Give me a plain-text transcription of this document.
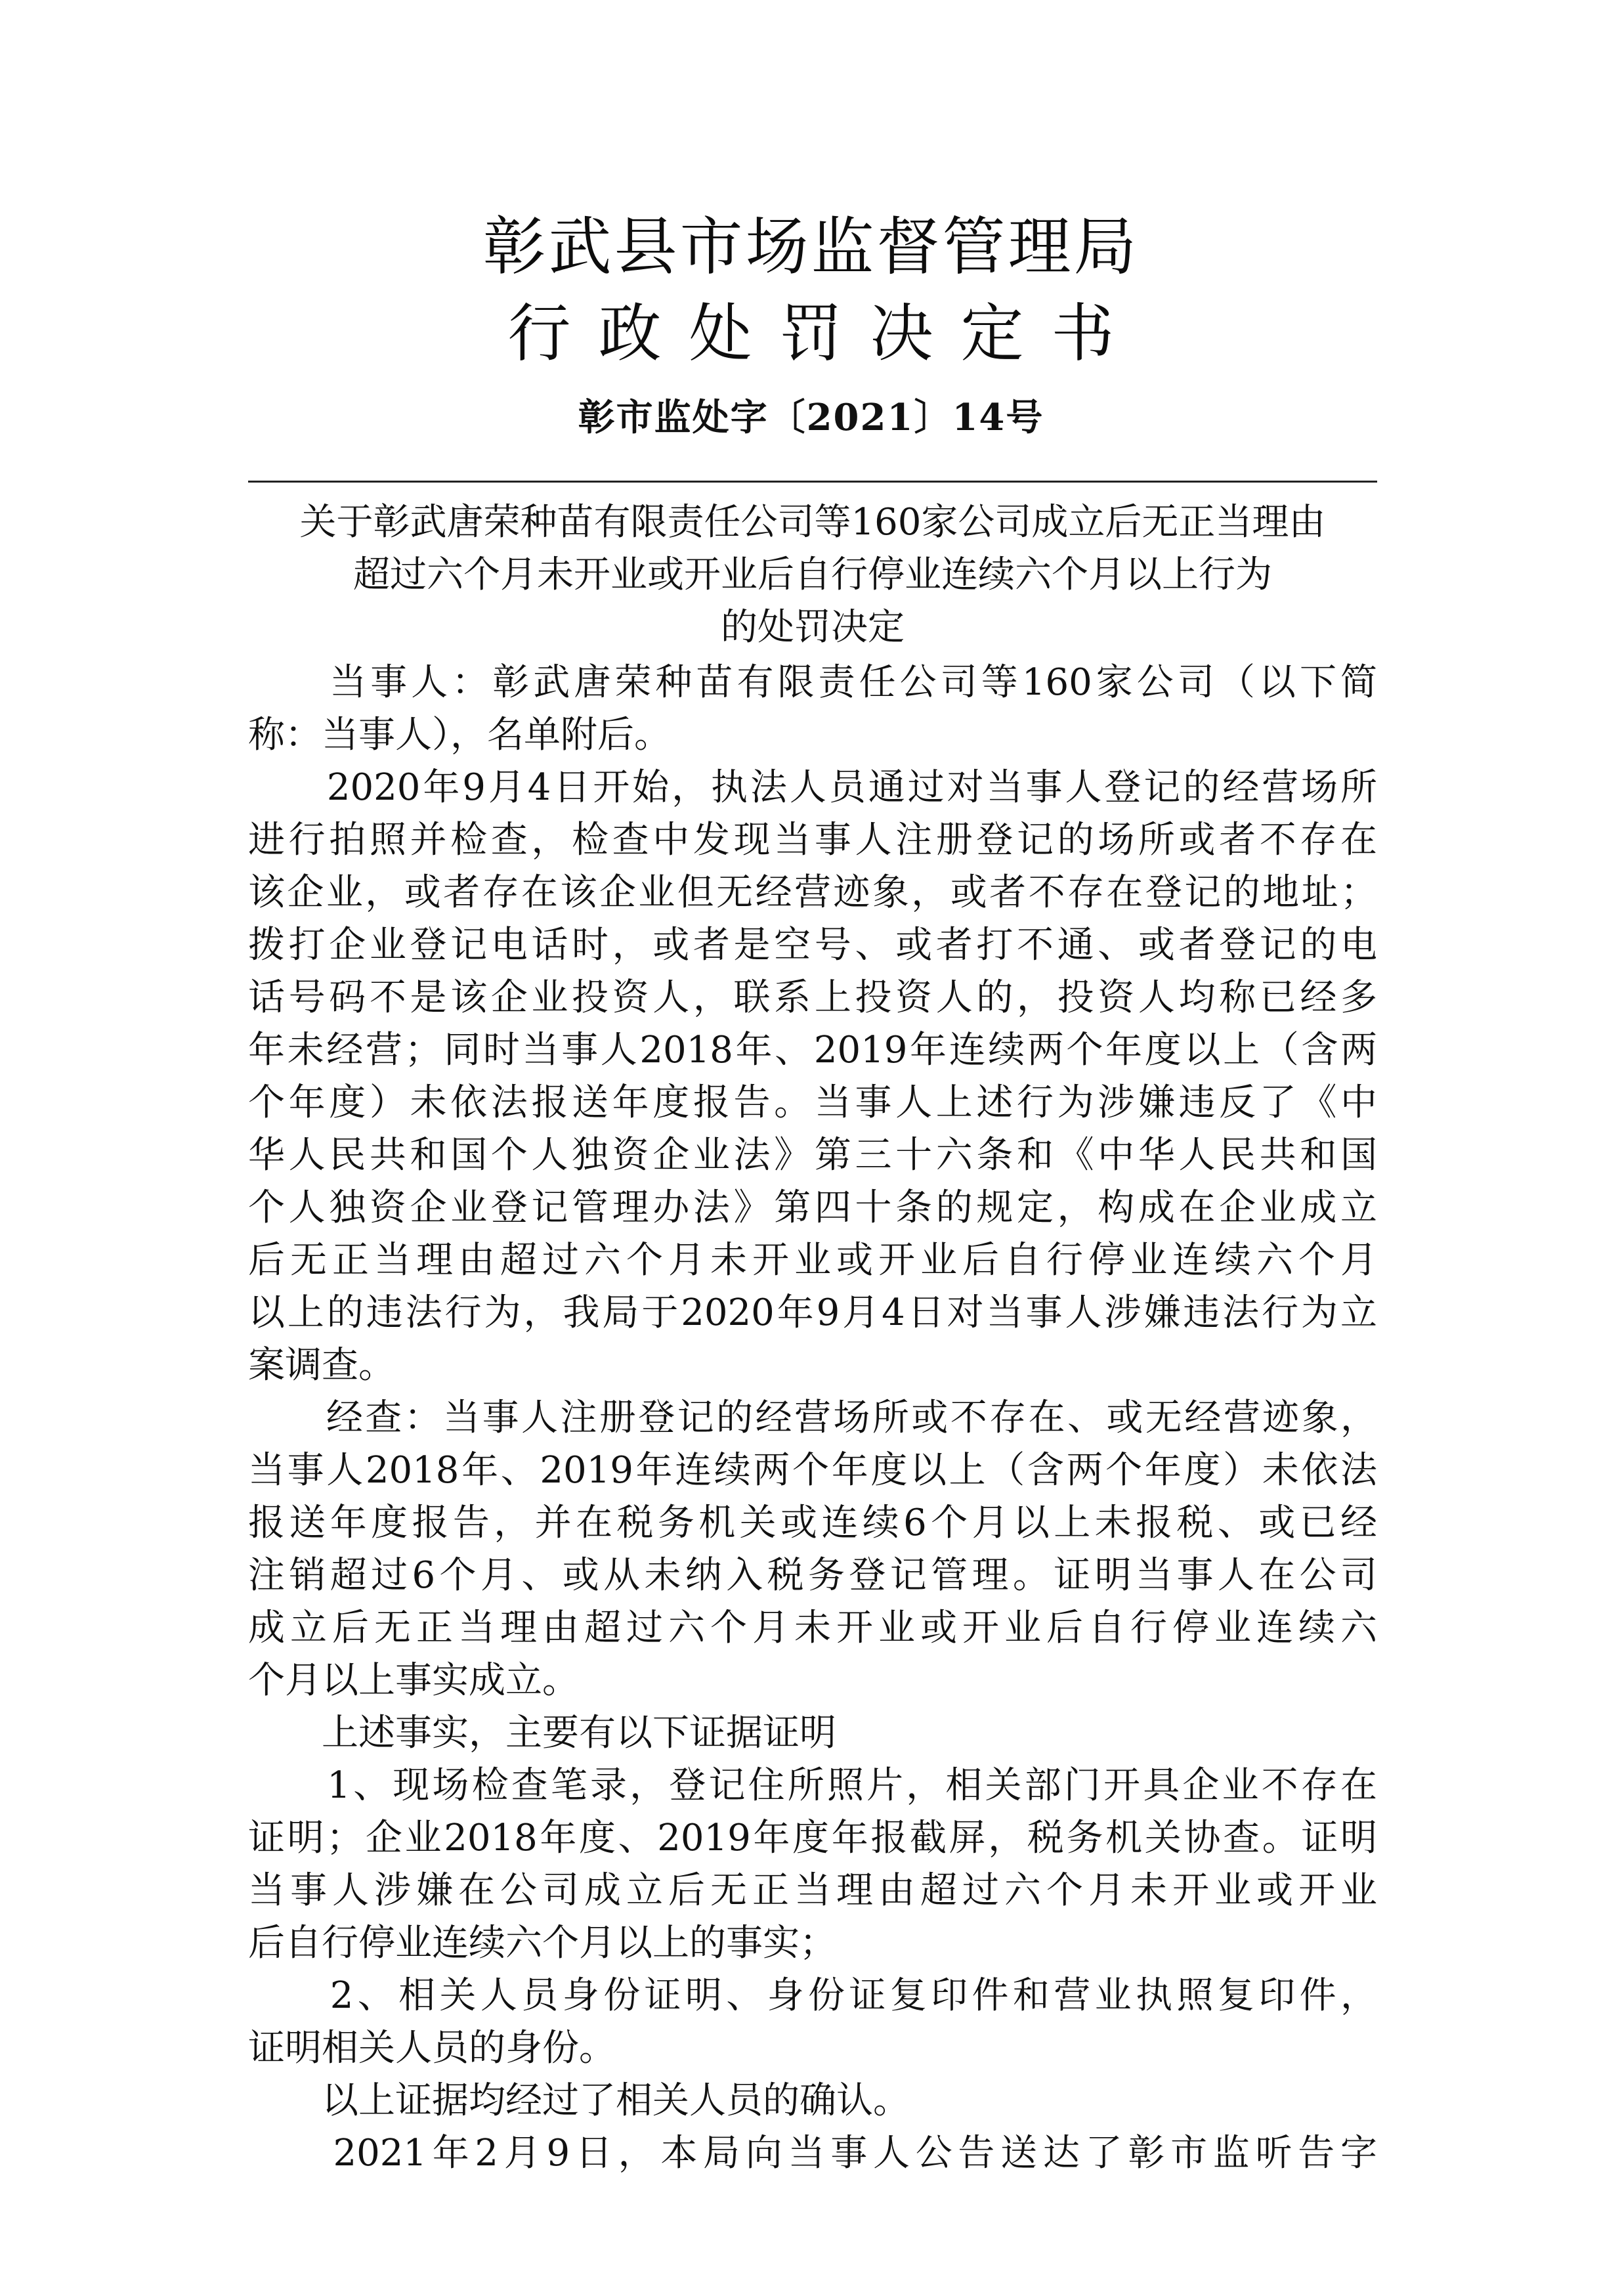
彰武县市场监督管理局
行政处罚决定书
彰市监处字〔2021〕14号
关于彰武唐荣种苗有限责任公司等160家公司成立后无正当理由
超过六个月未开业或开业后自行停业连续六个月以上行为
的处罚决定
　　当事人：彰武唐荣种苗有限责任公司等160家公司（以下简
称：当事人），名单附后。
　　2020年9月4日开始，执法人员通过对当事人登记的经营场所
进行拍照并检查，检查中发现当事人注册登记的场所或者不存在
该企业，或者存在该企业但无经营迹象，或者不存在登记的地址；
拨打企业登记电话时，或者是空号、或者打不通、或者登记的电
话号码不是该企业投资人，联系上投资人的，投资人均称已经多
年未经营；同时当事人2018年、2019年连续两个年度以上（含两
个年度）未依法报送年度报告。当事人上述行为涉嫌违反了《中
华人民共和国个人独资企业法》第三十六条和《中华人民共和国
个人独资企业登记管理办法》第四十条的规定，构成在企业成立
后无正当理由超过六个月未开业或开业后自行停业连续六个月
以上的违法行为，我局于2020年9月4日对当事人涉嫌违法行为立
案调查。
　　经查：当事人注册登记的经营场所或不存在、或无经营迹象，
当事人2018年、2019年连续两个年度以上（含两个年度）未依法
报送年度报告，并在税务机关或连续6个月以上未报税、或已经
注销超过6个月、或从未纳入税务登记管理。证明当事人在公司
成立后无正当理由超过六个月未开业或开业后自行停业连续六
个月以上事实成立。
　　上述事实，主要有以下证据证明
　　1、现场检查笔录，登记住所照片，相关部门开具企业不存在
证明；企业2018年度、2019年度年报截屏，税务机关协查。证明
当事人涉嫌在公司成立后无正当理由超过六个月未开业或开业
后自行停业连续六个月以上的事实；
　　2、相关人员身份证明、身份证复印件和营业执照复印件，
证明相关人员的身份。
　　以上证据均经过了相关人员的确认。
　　2021年2月9日，本局向当事人公告送达了彰市监听告字
